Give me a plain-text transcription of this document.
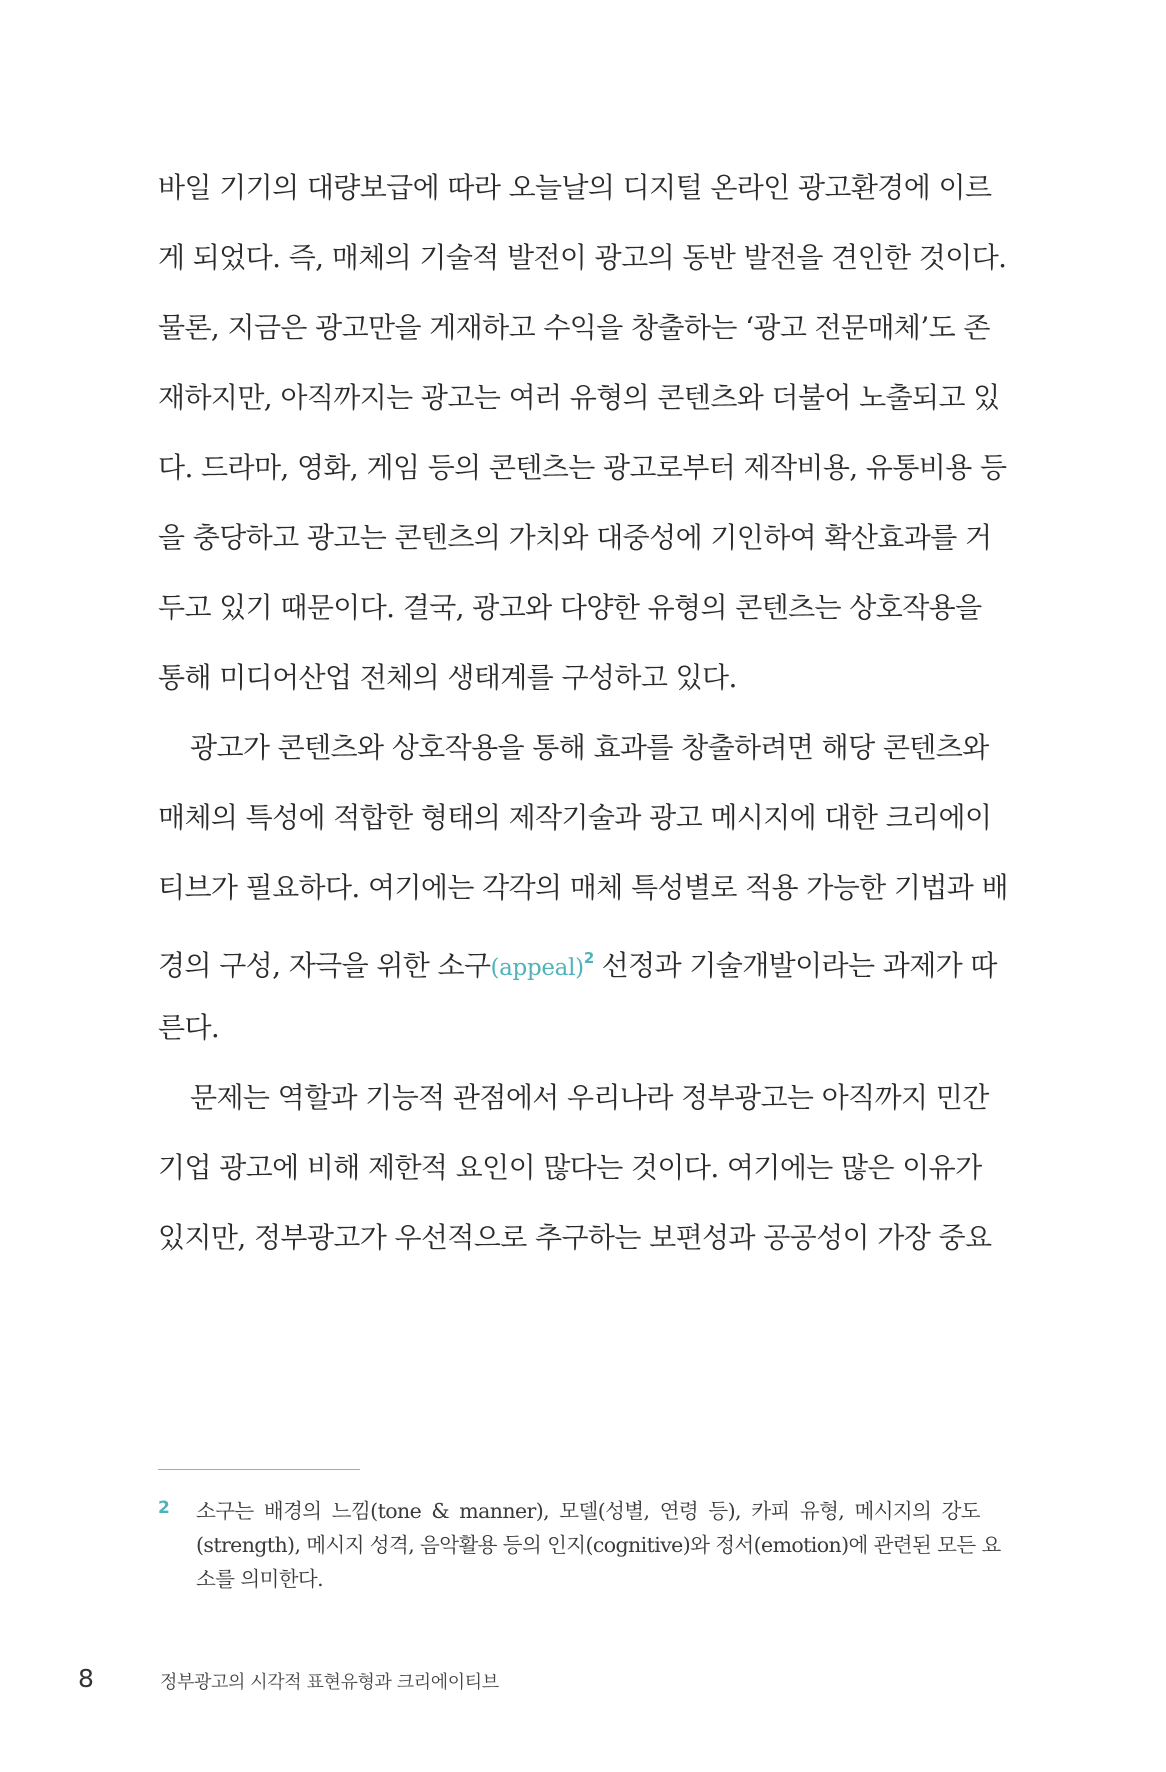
바일 기기의 대량보급에 따라 오늘날의 디지털 온라인 광고환경에 이르
게 되었다. 즉, 매체의 기술적 발전이 광고의 동반 발전을 견인한 것이다.
물론, 지금은 광고만을 게재하고 수익을 창출하는 ‘광고 전문매체’도 존
재하지만, 아직까지는 광고는 여러 유형의 콘텐츠와 더불어 노출되고 있
다. 드라마, 영화, 게임 등의 콘텐츠는 광고로부터 제작비용, 유통비용 등
을 충당하고 광고는 콘텐츠의 가치와 대중성에 기인하여 확산효과를 거
두고 있기 때문이다. 결국, 광고와 다양한 유형의 콘텐츠는 상호작용을
통해 미디어산업 전체의 생태계를 구성하고 있다.
광고가 콘텐츠와 상호작용을 통해 효과를 창출하려면 해당 콘텐츠와
매체의 특성에 적합한 형태의 제작기술과 광고 메시지에 대한 크리에이
티브가 필요하다. 여기에는 각각의 매체 특성별로 적용 가능한 기법과 배
경의 구성, 자극을 위한 소구(appeal)$^2$ 선정과 기술개발이라는 과제가 따
른다.
문제는 역할과 기능적 관점에서 우리나라 정부광고는 아직까지 민간
기업 광고에 비해 제한적 요인이 많다는 것이다. 여기에는 많은 이유가
있지만, 정부광고가 우선적으로 추구하는 보편성과 공공성이 가장 중요
2 소구는 배경의 느낌(tone & manner), 모델(성별, 연령 등), 카피 유형, 메시지의 강도
(strength), 메시지 성격, 음악활용 등의 인지(cognitive)와 정서(emotion)에 관련된 모든 요
소를 의미한다.
8	정부광고의 시각적 표현유형과 크리에이티브
